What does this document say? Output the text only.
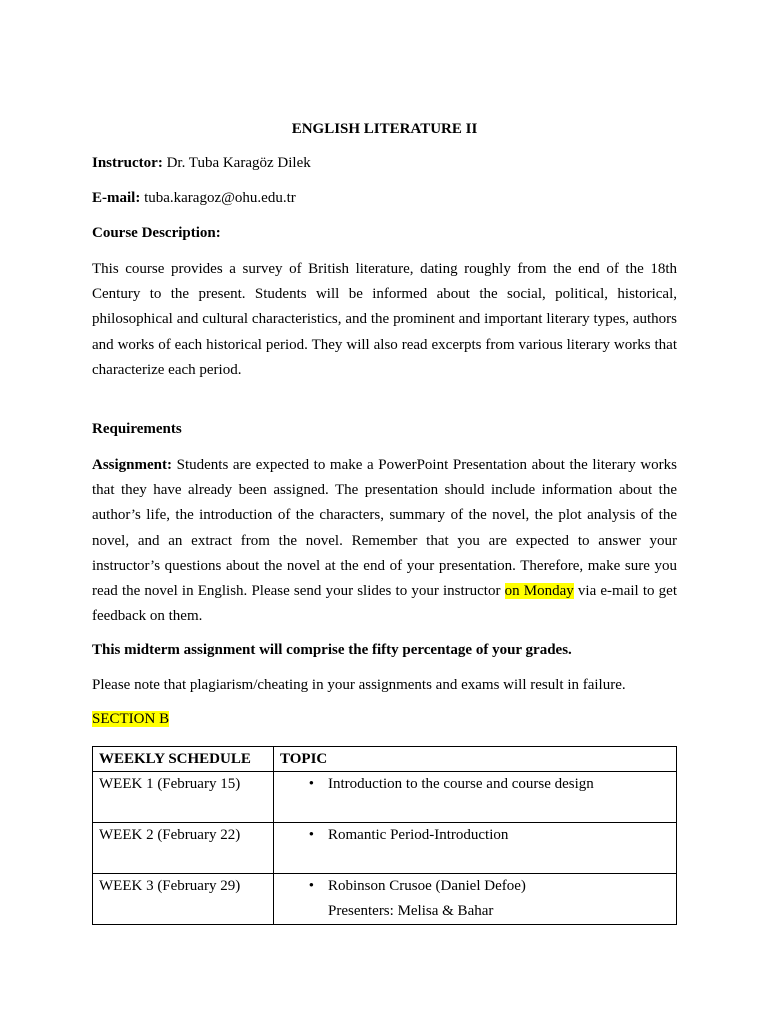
ENGLISH LITERATURE II
Instructor: Dr. Tuba Karagöz Dilek
E-mail: tuba.karagoz@ohu.edu.tr
Course Description:
This course provides a survey of British literature, dating roughly from the end of the 18th Century to the present. Students will be informed about the social, political, historical, philosophical and cultural characteristics, and the prominent and important literary types, authors and works of each historical period. They will also read excerpts from various literary works that characterize each period.
Requirements
Assignment: Students are expected to make a PowerPoint Presentation about the literary works that they have already been assigned. The presentation should include information about the author’s life, the introduction of the characters, summary of the novel, the plot analysis of the novel, and an extract from the novel. Remember that you are expected to answer your instructor’s questions about the novel at the end of your presentation. Therefore, make sure you read the novel in English. Please send your slides to your instructor on Monday via e-mail to get feedback on them.
This midterm assignment will comprise the fifty percentage of your grades.
Please note that plagiarism/cheating in your assignments and exams will result in failure.
SECTION B
WEEKLY SCHEDULE	TOPIC
WEEK 1 (February 15)	• Introduction to the course and course design

WEEK 2 (February 22)	• Romantic Period-Introduction

WEEK 3 (February 29)	• Robinson Crusoe (Daniel Defoe)
Presenters: Melisa & Bahar
